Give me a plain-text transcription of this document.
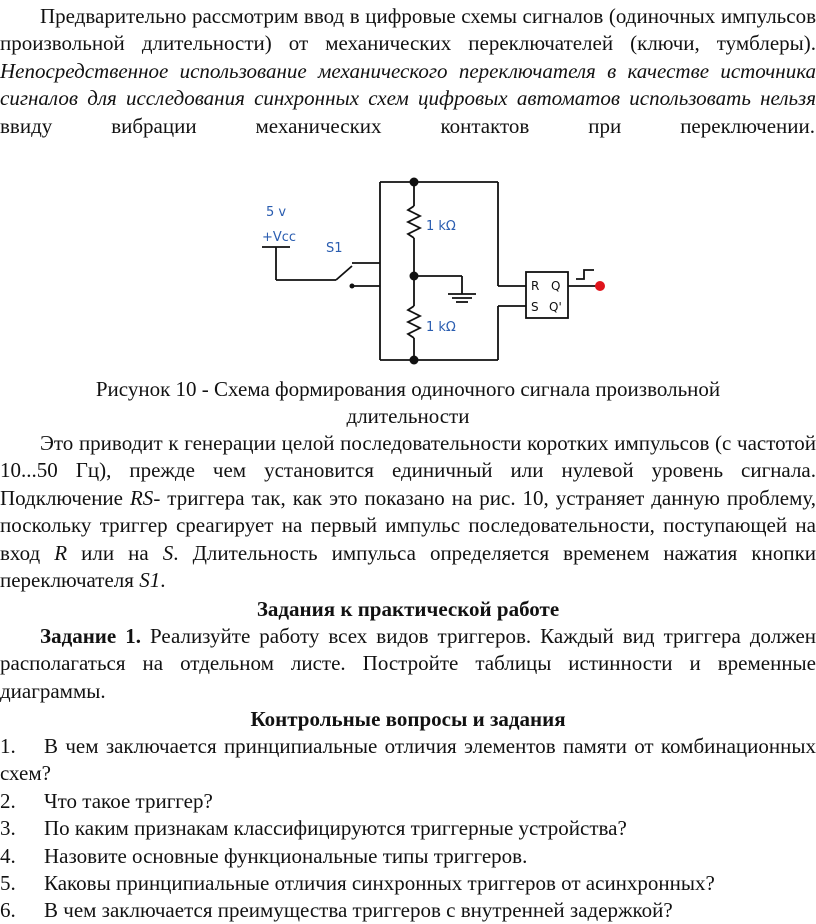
Предварительно рассмотрим ввод в цифровые схемы сигналов (одиночных импульсов произвольной длительности) от механических переключателей (ключи, тумблеры). Непосредственное использование механического переключателя в качестве источника сигналов для исследования синхронных схем цифровых автоматов использовать нельзя ввиду вибрации механических контактов при переключении.

5 v
+Vcc
S1
1 kΩ
1 kΩ
R
S
Q
Q'
Рисунок 10 - Схема формирования одиночного сигнала произвольной
длительности

Это приводит к генерации целой последовательности коротких импульсов (с частотой 10...50 Гц), прежде чем установится единичный или нулевой уровень сигнала. Подключение RS- триггера так, как это показано на рис. 10, устраняет данную проблему, поскольку триггер среагирует на первый импульс последовательности, поступающей на вход R или на S. Длительность импульса определяется временем нажатия кнопки переключателя S1.

Задания к практической работе

Задание 1. Реализуйте работу всех видов триггеров. Каждый вид триггера должен располагаться на отдельном листе. Постройте таблицы истинности и временные диаграммы.

Контрольные вопросы и задания
1.	В чем заключается принципиальные отличия элементов памяти от комбинационных схем?
2. Что такое триггер?
3. По каким признакам классифицируются триггерные устройства?
4. Назовите основные функциональные типы триггеров.
5. Каковы принципиальные отличия синхронных триггеров от асинхронных?
6. В чем заключается преимущества триггеров с внутренней задержкой?
